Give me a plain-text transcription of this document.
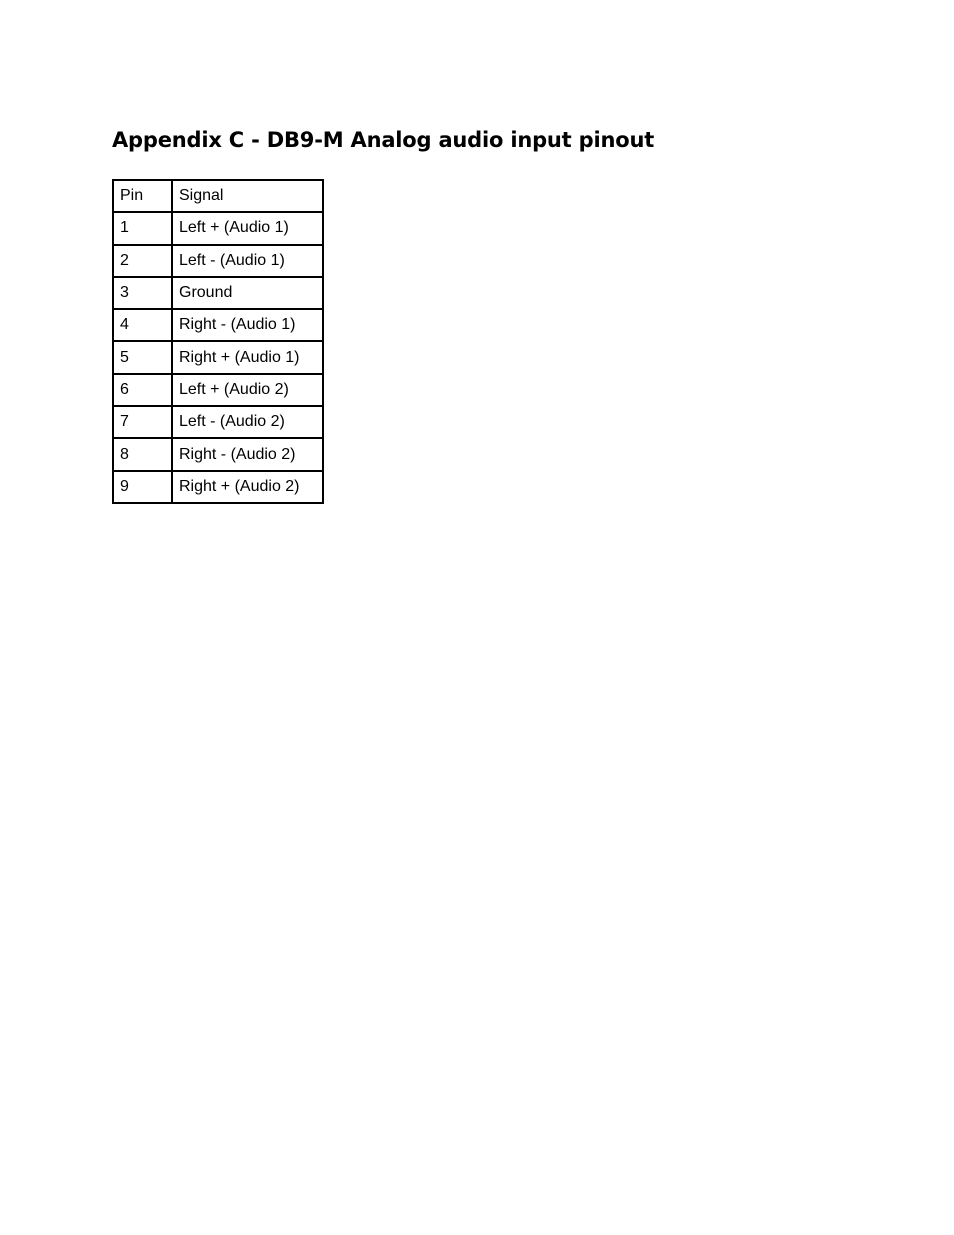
Appendix C - DB9-M Analog audio input pinout
Pin	Signal
1	Left + (Audio 1)
2	Left - (Audio 1)
3	Ground
4	Right - (Audio 1)
5	Right + (Audio 1)
6	Left + (Audio 2)
7	Left - (Audio 2)
8	Right - (Audio 2)
9	Right + (Audio 2)
